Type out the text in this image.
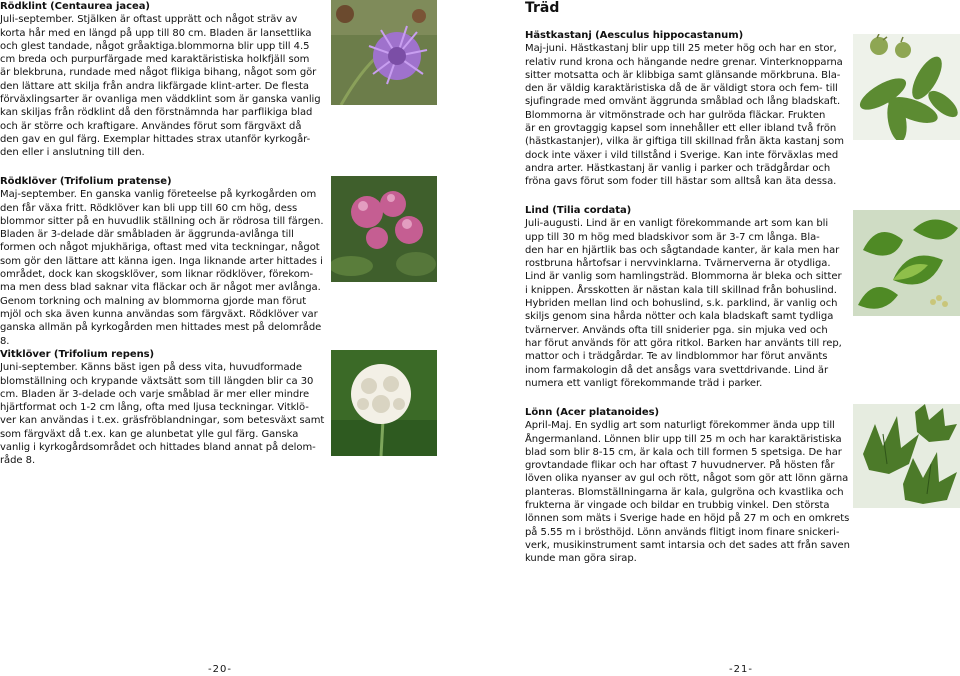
Rödklint (Centaurea jacea)

Juli-september. Stjälken är oftast upprätt och något sträv av
korta hår med en längd på upp till 80 cm. Bladen är lansettlika
och glest tandade, något gråaktiga.blommorna blir upp till 4.5
cm breda och purpurfärgade med karaktäristiska holkfjäll som
är blekbruna, rundade med något flikiga bihang, något som gör
den lättare att skilja från andra likfärgade klint-arter. De flesta
förväxlingsarter är ovanliga men väddklint som är ganska vanlig
kan skiljas från rödklint då den förstnämnda har parflikiga blad
och är större och kraftigare. Användes förut som färgväxt då
den gav en gul färg. Exemplar hittades strax utanför kyrkogår-
den eller i anslutning till den.

Rödklöver (Trifolium pratense)

Maj-september. En ganska vanlig företeelse på kyrkogården om
den får växa fritt. Rödklöver kan bli upp till 60 cm hög, dess
blommor sitter på en huvudlik ställning och är rödrosa till färgen.
Bladen är 3-delade där småbladen är äggrunda-avlånga till
formen och något mjukhäriga, oftast med vita teckningar, något
som gör den lättare att känna igen. Inga liknande arter hittades i
området, dock kan skogsklöver, som liknar rödklöver, förekom-
ma men dess blad saknar vita fläckar och är något mer avlånga.
Genom torkning och malning av blommorna gjorde man förut
mjöl och ska även kunna användas som färgväxt. Rödklöver var
ganska allmän på kyrkogården men hittades mest på delområde 8.

Vitklöver (Trifolium repens)

Juni-september. Känns bäst igen på dess vita, huvudformade
blomställning och krypande växtsätt som till längden blir ca 30
cm. Bladen är 3-delade och varje småblad är mer eller mindre
hjärtformat och 1-2 cm lång, ofta med ljusa teckningar. Vitklö-
ver kan användas i t.ex. gräsfröblandningar, som betesväxt samt
som färgväxt då t.ex. kan ge alunbetat ylle gul färg. Ganska
vanlig i kyrkogårdsområdet och hittades bland annat på delom-
råde 8.

-20-
Träd
Hästkastanj (Aesculus hippocastanum)

Maj-juni. Hästkastanj blir upp till 25 meter hög och har en stor,
relativ rund krona och hängande nedre grenar. Vinterknopparna
sitter motsatta och är klibbiga samt glänsande mörkbruna. Bla-
den är väldig karaktäristiska då de är väldigt stora och fem- till
sjufingrade med omvänt äggrunda småblad och lång bladskaft.
Blommorna är vitmönstrade och har gulröda fläckar. Frukten
är en grovtaggig kapsel som innehåller ett eller ibland två frön
(hästkastanjer), vilka är giftiga till skillnad från äkta kastanj som
dock inte växer i vild tillstånd i Sverige. Kan inte förväxlas med
andra arter. Hästkastanj är vanlig i parker och trädgårdar och
fröna gavs förut som foder till hästar som alltså kan äta dessa.

Lind (Tilia cordata)

Juli-augusti. Lind är en vanligt förekommande art som kan bli
upp till 30 m hög med bladskivor som är 3-7 cm långa. Bla-
den har en hjärtlik bas och sågtandade kanter, är kala men har
rostbruna hårtofsar i nervvinklarna. Tvärnerverna är otydliga.
Lind är vanlig som hamlingsträd. Blommorna är bleka och sitter
i knippen. Årsskotten är nästan kala till skillnad från bohuslind.
Hybriden mellan lind och bohuslind, s.k. parklind, är vanlig och
skiljs genom sina hårda nötter och kala bladskaft samt tydliga
tvärnerver. Används ofta till sniderier pga. sin mjuka ved och
har förut används för att göra ritkol. Barken har använts till rep,
mattor och i trädgårdar. Te av lindblommor har förut använts
inom farmakologin då det ansågs vara svettdrivande. Lind är
numera ett vanligt förekommande träd i parker.

Lönn (Acer platanoides)

April-Maj. En sydlig art som naturligt förekommer ända upp till
Ångermanland. Lönnen blir upp till 25 m och har karaktäristiska
blad som blir 8-15 cm, är kala och till formen 5 spetsiga. De har
grovtandade flikar och har oftast 7 huvudnerver. På hösten får
löven olika nyanser av gul och rött, något som gör att lönn gärna
planteras. Blomställningarna är kala, gulgröna och kvastlika och
frukterna är vingade och bildar en trubbig vinkel. Den största
lönnen som mäts i Sverige hade en höjd på 27 m och en omkrets
på 5.55 m i brösthöjd. Lönn används flitigt inom finare snickeri-
verk, musikinstrument samt intarsia och det sades att från saven
kunde man göra sirap.

-21-
